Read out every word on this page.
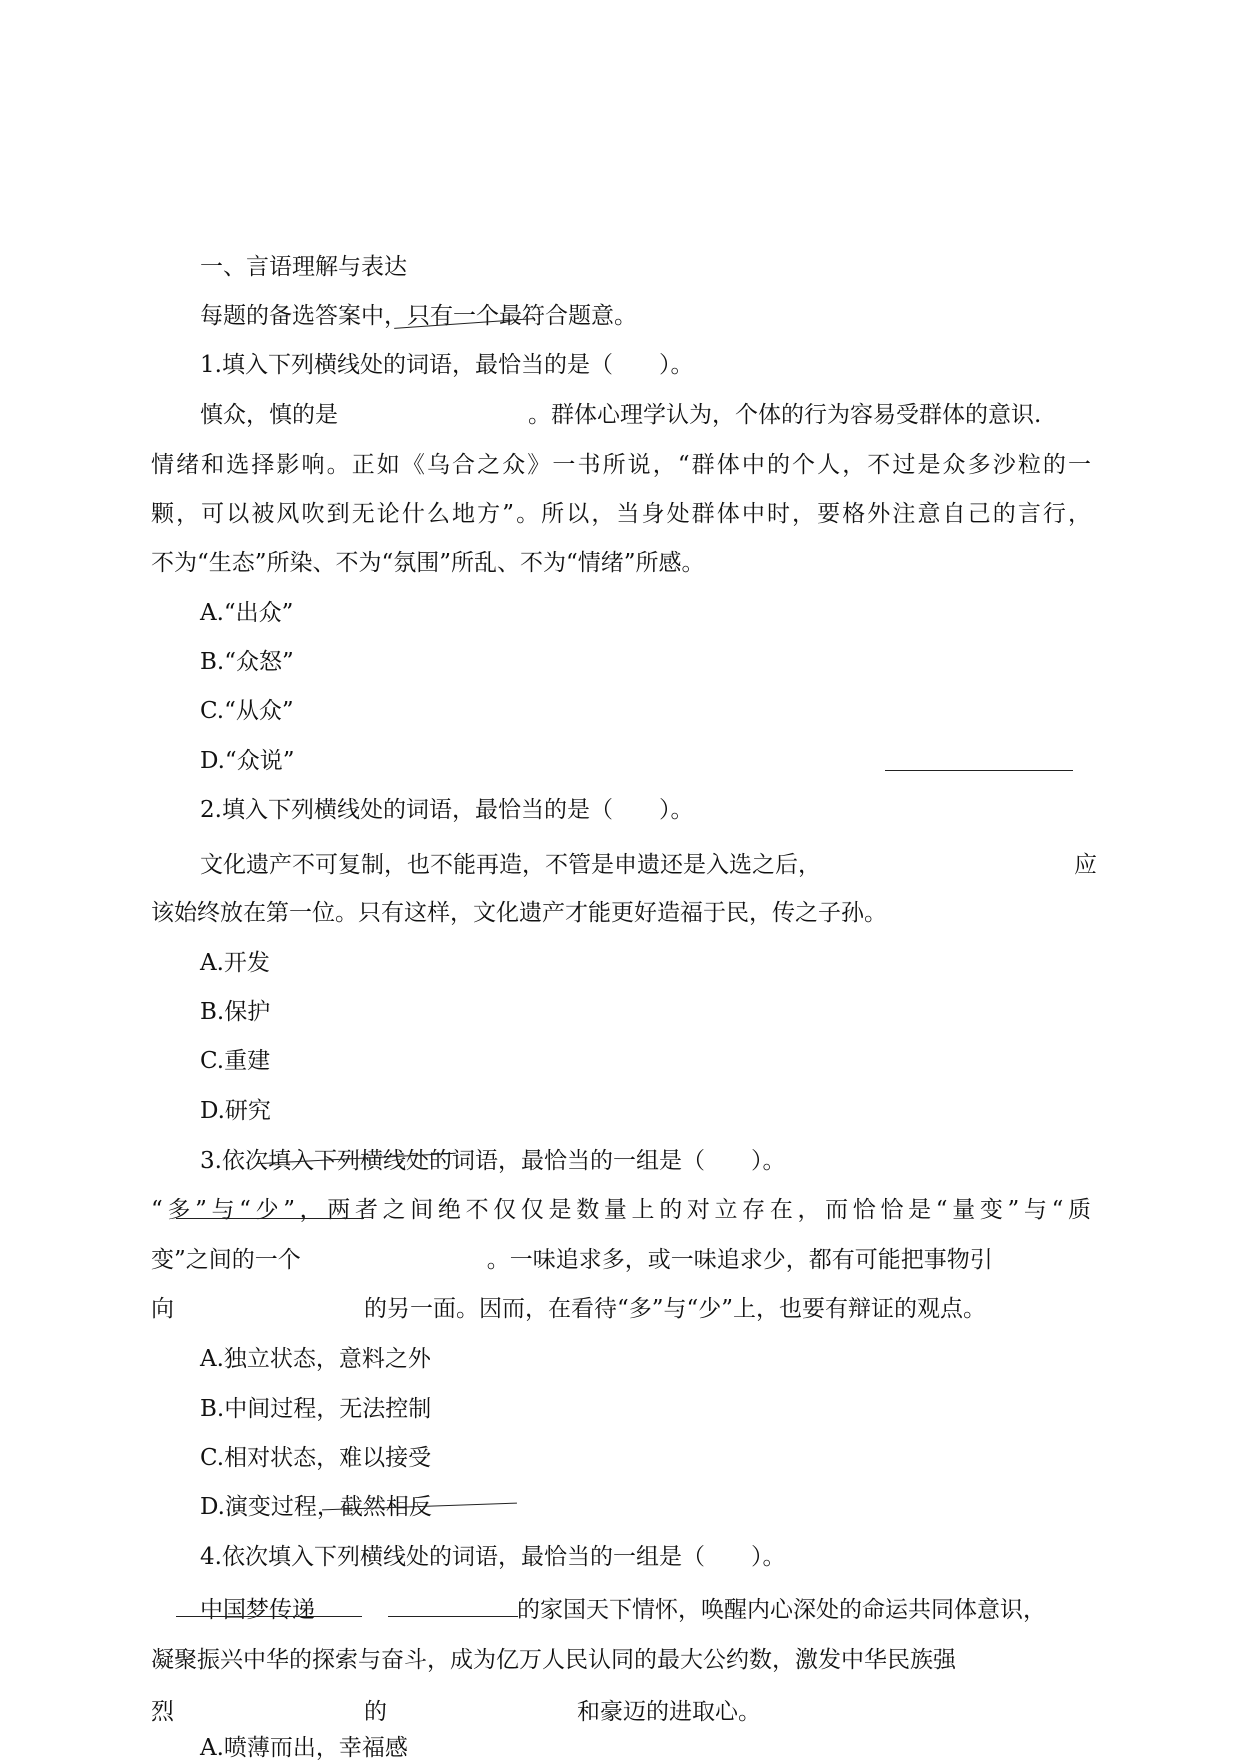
一、言语理解与表达
每题的备选答案中，只有一个最符合题意。
1.填入下列横线处的词语，最恰当的是（　　）。
慎众，慎的是	。群体心理学认为，个体的行为容易受群体的意识.
情绪和选择影响。正如《乌合之众》一书所说，“群体中的个人，不过是众多沙粒的一
颗，可以被风吹到无论什么地方”。所以，当身处群体中时，要格外注意自己的言行，
不为“生态”所染、不为“氛围”所乱、不为“情绪”所感。
A.“出众”
B.“众怒”
C.“从众”
D.“众说”
2.填入下列横线处的词语，最恰当的是（　　）。
文化遗产不可复制，也不能再造，不管是申遗还是入选之后，	应
该始终放在第一位。只有这样，文化遗产才能更好造福于民，传之子孙。
A.开发
B.保护
C.重建
D.研究
3.依次填入下列横线处的词语，最恰当的一组是（　　）。
“多”与“少”，两者之间绝不仅仅是数量上的对立存在，而恰恰是“量变”与“质
变”之间的一个	。一味追求多，或一味追求少，都有可能把事物引
向	的另一面。因而，在看待“多”与“少”上，也要有辩证的观点。
A.独立状态，意料之外
B.中间过程，无法控制
C.相对状态，难以接受
D.演变过程，截然相反
4.依次填入下列横线处的词语，最恰当的一组是（　　）。
中国梦传递	的家国天下情怀，唤醒内心深处的命运共同体意识，
凝聚振兴中华的探索与奋斗，成为亿万人民认同的最大公约数，激发中华民族强
烈	的	和豪迈的进取心。
A.喷薄而出，幸福感
